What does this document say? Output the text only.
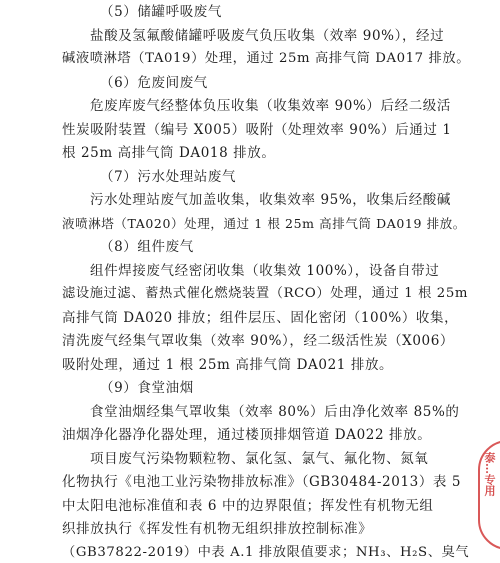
（5）储罐呼吸废气
盐酸及氢氟酸储罐呼吸废气负压收集（效率 90%），经过
碱液喷淋塔（TA019）处理，通过 25m 高排气筒 DA017 排放。
（6）危废间废气
危废库废气经整体负压收集（收集效率 90%）后经二级活
性炭吸附装置（编号 X005）吸附（处理效率 90%）后通过 1
根 25m 高排气筒 DA018 排放。
（7）污水处理站废气
污水处理站废气加盖收集，收集效率 95%，收集后经酸碱
液喷淋塔（TA020）处理，通过 1 根 25m 高排气筒 DA019 排放。
（8）组件废气
组件焊接废气经密闭收集（收集效 100%），设备自带过
滤设施过滤、蓄热式催化燃烧装置（RCO）处理，通过 1 根 25m
高排气筒 DA020 排放；组件层压、固化密闭（100%）收集，
清洗废气经集气罩收集（效率 90%），经二级活性炭（X006）
吸附处理，通过 1 根 25m 高排气筒 DA021 排放。
（9）食堂油烟
食堂油烟经集气罩收集（效率 80%）后由净化效率 85%的
油烟净化器净化器处理，通过楼顶排烟管道 DA022 排放。
项目废气污染物颗粒物、氯化氢、氯气、氟化物、氮氧
化物执行《电池工业污染物排放标准》（GB30484-2013）表 5
中太阳电池标准值和表 6 中的边界限值；挥发性有机物无组
织排放执行《挥发性有机物无组织排放控制标准》
（GB37822-2019）中表 A.1 排放限值要求；NH₃、H₂S、臭气
泰…专用
